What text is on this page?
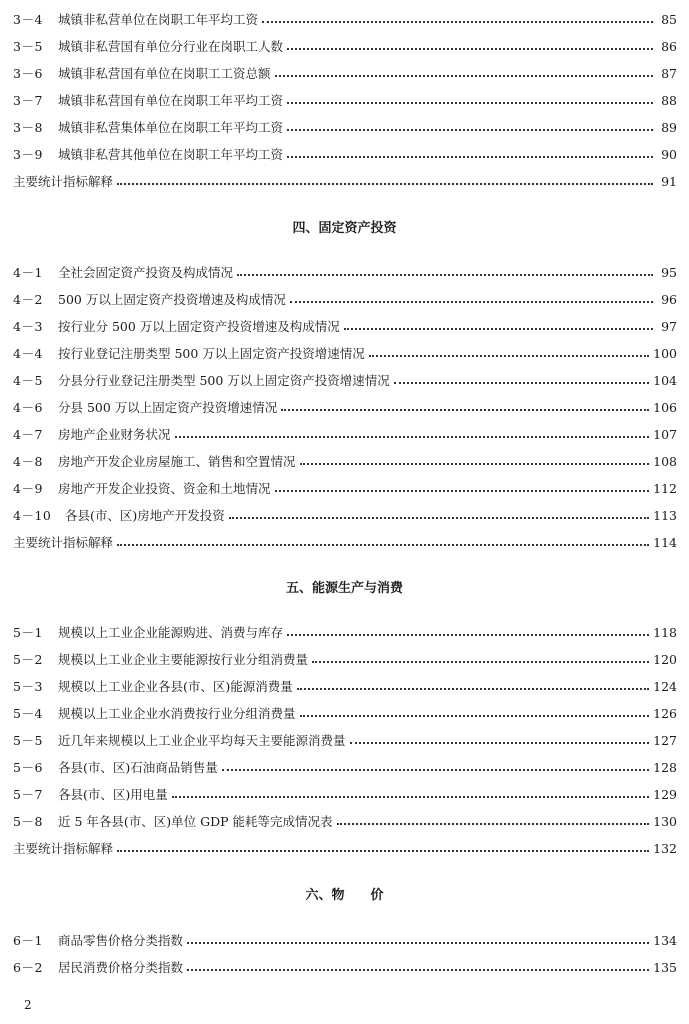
3－4	城镇非私营单位在岗职工年平均工资	85
3－5	城镇非私营国有单位分行业在岗职工人数	86
3－6	城镇非私营国有单位在岗职工工资总额	87
3－7	城镇非私营国有单位在岗职工年平均工资	88
3－8	城镇非私营集体单位在岗职工年平均工资	89
3－9	城镇非私营其他单位在岗职工年平均工资	90
主要统计指标解释	91
四、固定资产投资
4－1	全社会固定资产投资及构成情况	95
4－2	500 万以上固定资产投资增速及构成情况	96
4－3	按行业分 500 万以上固定资产投资增速及构成情况	97
4－4	按行业登记注册类型 500 万以上固定资产投资增速情况	100
4－5	分县分行业登记注册类型 500 万以上固定资产投资增速情况	104
4－6	分县 500 万以上固定资产投资增速情况	106
4－7	房地产企业财务状况	107
4－8	房地产开发企业房屋施工、销售和空置情况	108
4－9	房地产开发企业投资、资金和土地情况	112
4－10	各县(市、区)房地产开发投资	113
主要统计指标解释	114
五、能源生产与消费
5－1	规模以上工业企业能源购进、消费与库存	118
5－2	规模以上工业企业主要能源按行业分组消费量	120
5－3	规模以上工业企业各县(市、区)能源消费量	124
5－4	规模以上工业企业水消费按行业分组消费量	126
5－5	近几年来规模以上工业企业平均每天主要能源消费量	127
5－6	各县(市、区)石油商品销售量	128
5－7	各县(市、区)用电量	129
5－8	近 5 年各县(市、区)单位 GDP 能耗等完成情况表	130
主要统计指标解释	132
六、物　　价
6－1	商品零售价格分类指数	134
6－2	居民消费价格分类指数	135
2
